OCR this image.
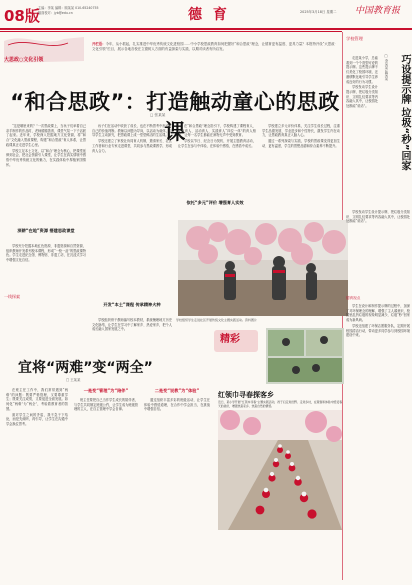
08版
主编：李某 编辑：顾某某 010-65240755
版面校对：jyb@edu.cn	德 育	2025年3月18日 星期二 中国教育报
大思政○文化引领
开栏语：今年，从小抓起，扎实推进中华优秀传统文化进校园……中小学校思政教育如何把握好“和合思政”理念，让德育更有温度、更具力量？本报特开设“大思政·文化引领”栏目，展示各地各校在立德树人方面的有益探索与实践，以期对读者有所启发。
“和合思政”：打造触动童心的思政课
□ 张某某

“这是哪里来的？”一次思政课上，当孩子们举着自己亲手制作的作品时，老师循循善诱，课堂气氛一下子活跃了起来。近年来，学校深入挖掘地方文化资源，将“和合”文化融入思政课程，构建“和合思政”育人体系，让思政课真正走进学生心里。

学校立足本土文化，以“和合”理念为核心，把课堂延伸到社会，把社会资源引入课堂，让学生在真实情境中感悟中华优秀传统文化的魅力，在实践体验中厚植家国情怀。

深耕“在地”资源 搭建思政课堂

学校充分挖掘本地红色资源、非遗资源和自然资源，组织教师开发系列校本课程，形成“一校一品”的思政课特色。学生走进纪念馆、博物馆、非遗工坊，在沉浸式学习中增强文化自信。

孩子们在活动中收获了成长，也在不断思考中形成了自己的价值判断。教师以问题为导向，以活动为载体，引导学生主动探究，把思政课上成一堂堂鲜活的生活课。

学校还建立了家校社协同育人机制，邀请家长、社区工作者和行业专家走进课堂，共同参与思政课教学，形成育人合力。

开发“本土”课程 传承精神火种

学校组织骨干教师编写校本教材，系统梳理地方历史文化脉络，让学生在学习中了解家乡、热爱家乡，把个人成长融入国家发展之中。

在“和合思政”理念指引下，学校构建了课程育人、文化育人、活动育人、实践育人“四位一体”的育人格局，让每一名学生都能在润物无声中受到教育。

学校以节日、纪念日为契机，开展主题教育活动，让学生在参与中体验，在体验中感悟，在感悟中成长。

学校建立多元评价体系，关注学生成长过程，注重学生品德发展、学业进步和个性特长，激发学生内在动力，让思政教育真正入脑入心。

通过一系列探索与实践，学校的思政课变得更加生动、更有温度，学生的思想品德和综合素养不断提升。

依托“多元”评价 增强育人实效
学校组织学生走进社区开展传统文化主题实践活动。资料图片
一线探索
宜将“两难”变“两全”
□ 王某某

在班主任工作中，我们常常遇到“两难”的问题：既要严格管理，又要尊重学生；既要关注成绩，又要促进全面发展。如何化“两难”为“两全”，考验着教育者的智慧。

面对学生之间的矛盾，我不急于下结论，而是先倾听，再引导，让学生在沟通中学会换位思考。

一是变“管理”为“陪伴”

班主任要把自己当作学生成长的陪伴者，与学生共同制定班级公约，让学生成为班级管理的主人，在自主管理中学会自律。

二是变“说教”为“体验”

通过组织丰富多彩的班级活动，让学生在体验中感悟道理，在合作中学会担当，在挑战中增强自信。

精彩
红领巾寻春探客乡
近日，某小学开展“红领巾寻春”主题实践活动，孩子们走进田野、走进乡村，在观察和体验中感受春天的美好，增强热爱家乡、热爱自然的情感。
学校管理
巧设提示牌 垃圾“秒”回家
□ 李某某 陈某某

走进某小学，总能看到一个个造型可爱的提示牌。这些提示牌不仅美化了校园环境，还潜移默化地引导学生养成良好的行为习惯。

学校发动学生设计提示牌，把垃圾分类知识、文明礼仪要求等内容融入其中，让校园处处都能“说话”。

学校发动学生设计提示牌，把垃圾分类知识、文明礼仪要求等内容融入其中，让校园处处都能“说话”。

德育视点

学生在设计和制作提示牌的过程中，加深了对环保理念的理解，增强了主人翁意识，校园里乱扔垃圾的现象明显减少，垃圾“秒”回家成为新风尚。

学校还组建了环保志愿服务队，定期开展校园清洁行动，带动更多同学参与到校园环境建设中来。
